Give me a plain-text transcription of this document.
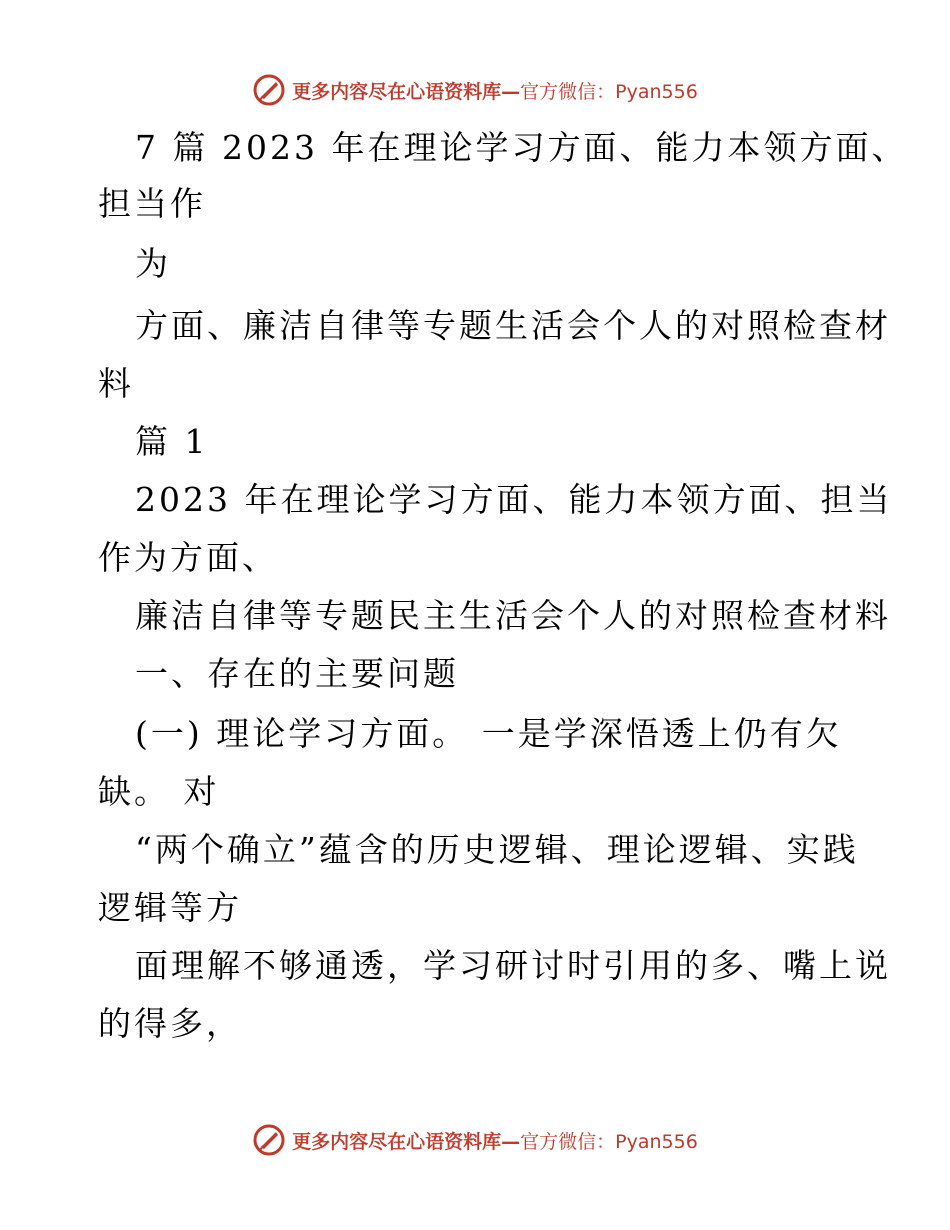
更多内容尽在心语资料库— 官方微信：Pyan556
7 篇 2023 年在理论学习方面、能力本领方面、
担当作
为
方面、廉洁自律等专题生活会个人的对照检查材
料
篇 1
2023 年在理论学习方面、能力本领方面、担当
作为方面、
廉洁自律等专题民主生活会个人的对照检查材料
一、存在的主要问题
(一) 理论学习方面。 一是学深悟透上仍有欠
缺。 对
“两个确立”蕴含的历史逻辑、理论逻辑、实践
逻辑等方
面理解不够通透，学习研讨时引用的多、嘴上说
的得多，
更多内容尽在心语资料库— 官方微信：Pyan556
